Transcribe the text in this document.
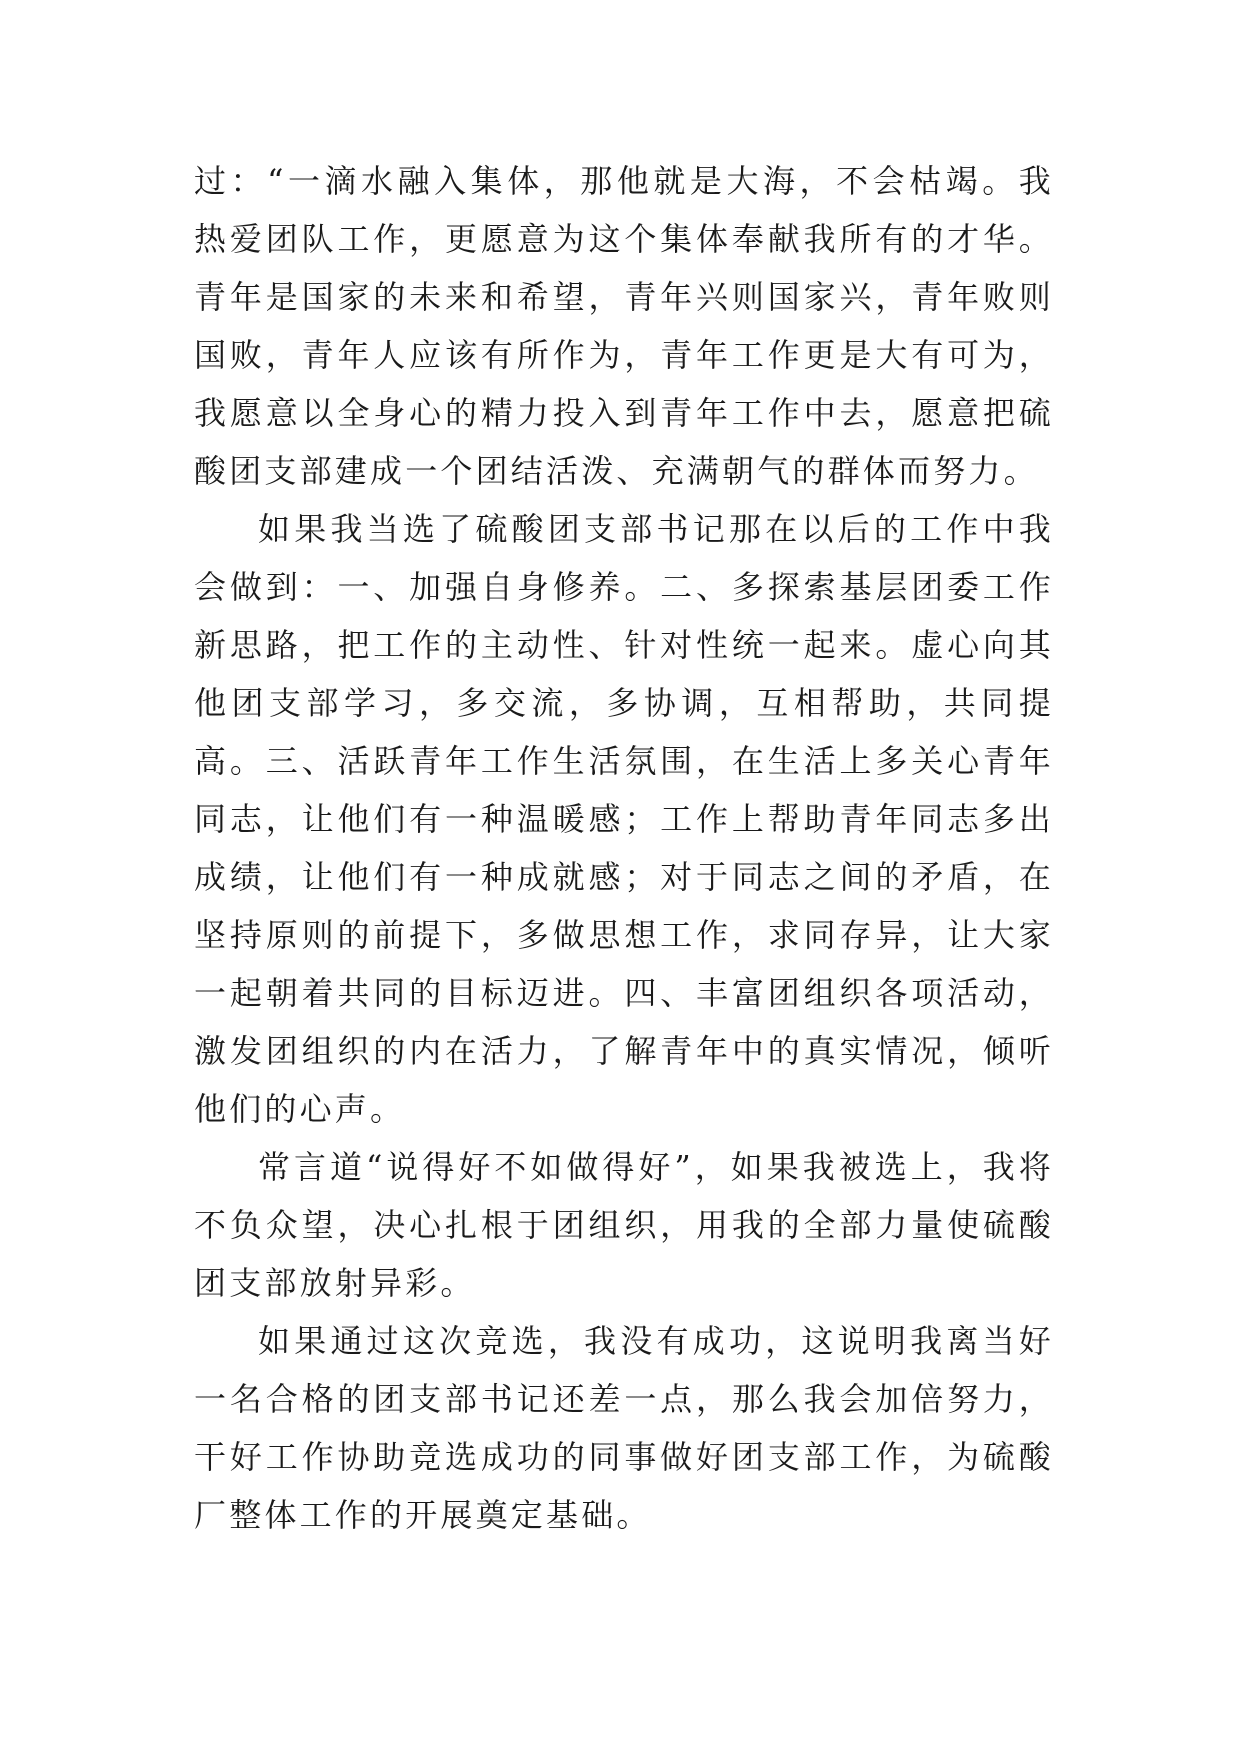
过：“一滴水融入集体，那他就是大海，不会枯竭。我热爱团队工作，更愿意为这个集体奉献我所有的才华。青年是国家的未来和希望，青年兴则国家兴，青年败则国败，青年人应该有所作为，青年工作更是大有可为，我愿意以全身心的精力投入到青年工作中去，愿意把硫酸团支部建成一个团结活泼、充满朝气的群体而努力。

如果我当选了硫酸团支部书记那在以后的工作中我会做到：一、加强自身修养。二、多探索基层团委工作新思路，把工作的主动性、针对性统一起来。虚心向其他团支部学习，多交流，多协调，互相帮助，共同提高。三、活跃青年工作生活氛围，在生活上多关心青年同志，让他们有一种温暖感；工作上帮助青年同志多出成绩，让他们有一种成就感；对于同志之间的矛盾，在坚持原则的前提下，多做思想工作，求同存异，让大家一起朝着共同的目标迈进。四、丰富团组织各项活动，激发团组织的内在活力，了解青年中的真实情况，倾听他们的心声。

常言道“说得好不如做得好”，如果我被选上，我将不负众望，决心扎根于团组织，用我的全部力量使硫酸团支部放射异彩。

如果通过这次竞选，我没有成功，这说明我离当好一名合格的团支部书记还差一点，那么我会加倍努力，干好工作协助竞选成功的同事做好团支部工作，为硫酸厂整体工作的开展奠定基础。
